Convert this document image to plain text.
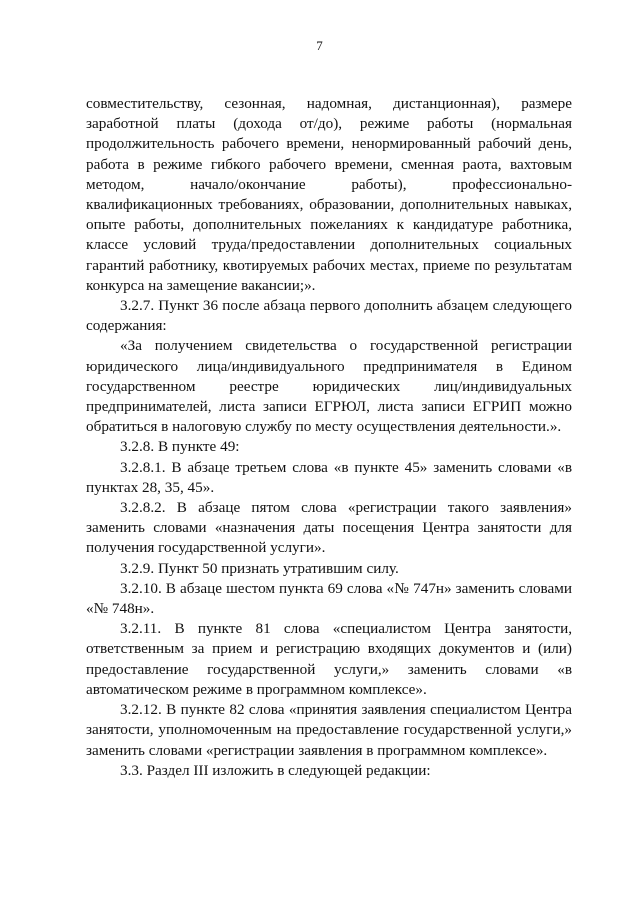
7

совместительству, сезонная, надомная, дистанционная), размере заработной платы (дохода от/до), режиме работы (нормальная продолжительность рабочего времени, ненормированный рабочий день, работа в режиме гибкого рабочего времени, сменная раота, вахтовым методом, начало/окончание работы), профессионально-квалификационных требованиях, образовании, дополнительных навыках, опыте работы, дополнительных пожеланиях к кандидатуре работника, классе условий труда/предоставлении дополнительных социальных гарантий работнику, квотируемых рабочих местах, приеме по результатам конкурса на замещение вакансии;».

3.2.7. Пункт 36 после абзаца первого дополнить абзацем следующего содержания:

«За получением свидетельства о государственной регистрации юридического лица/индивидуального предпринимателя в Едином государственном реестре юридических лиц/индивидуальных предпринимателей, листа записи ЕГРЮЛ, листа записи ЕГРИП можно обратиться в налоговую службу по месту осуществления деятельности.».

3.2.8. В пункте 49:

3.2.8.1. В абзаце третьем слова «в пункте 45» заменить словами «в пунктах 28, 35, 45».

3.2.8.2. В абзаце пятом слова «регистрации такого заявления» заменить словами «назначения даты посещения Центра занятости для получения государственной услуги».

3.2.9. Пункт 50 признать утратившим силу.

3.2.10. В абзаце шестом пункта 69 слова «№ 747н» заменить словами «№ 748н».

3.2.11. В пункте 81 слова «специалистом Центра занятости, ответственным за прием и регистрацию входящих документов и (или) предоставление государственной услуги,» заменить словами «в автоматическом режиме в программном комплексе».

3.2.12. В пункте 82 слова «принятия заявления специалистом Центра занятости, уполномоченным на предоставление государственной услуги,» заменить словами «регистрации заявления в программном комплексе».

3.3. Раздел III изложить в следующей редакции:
